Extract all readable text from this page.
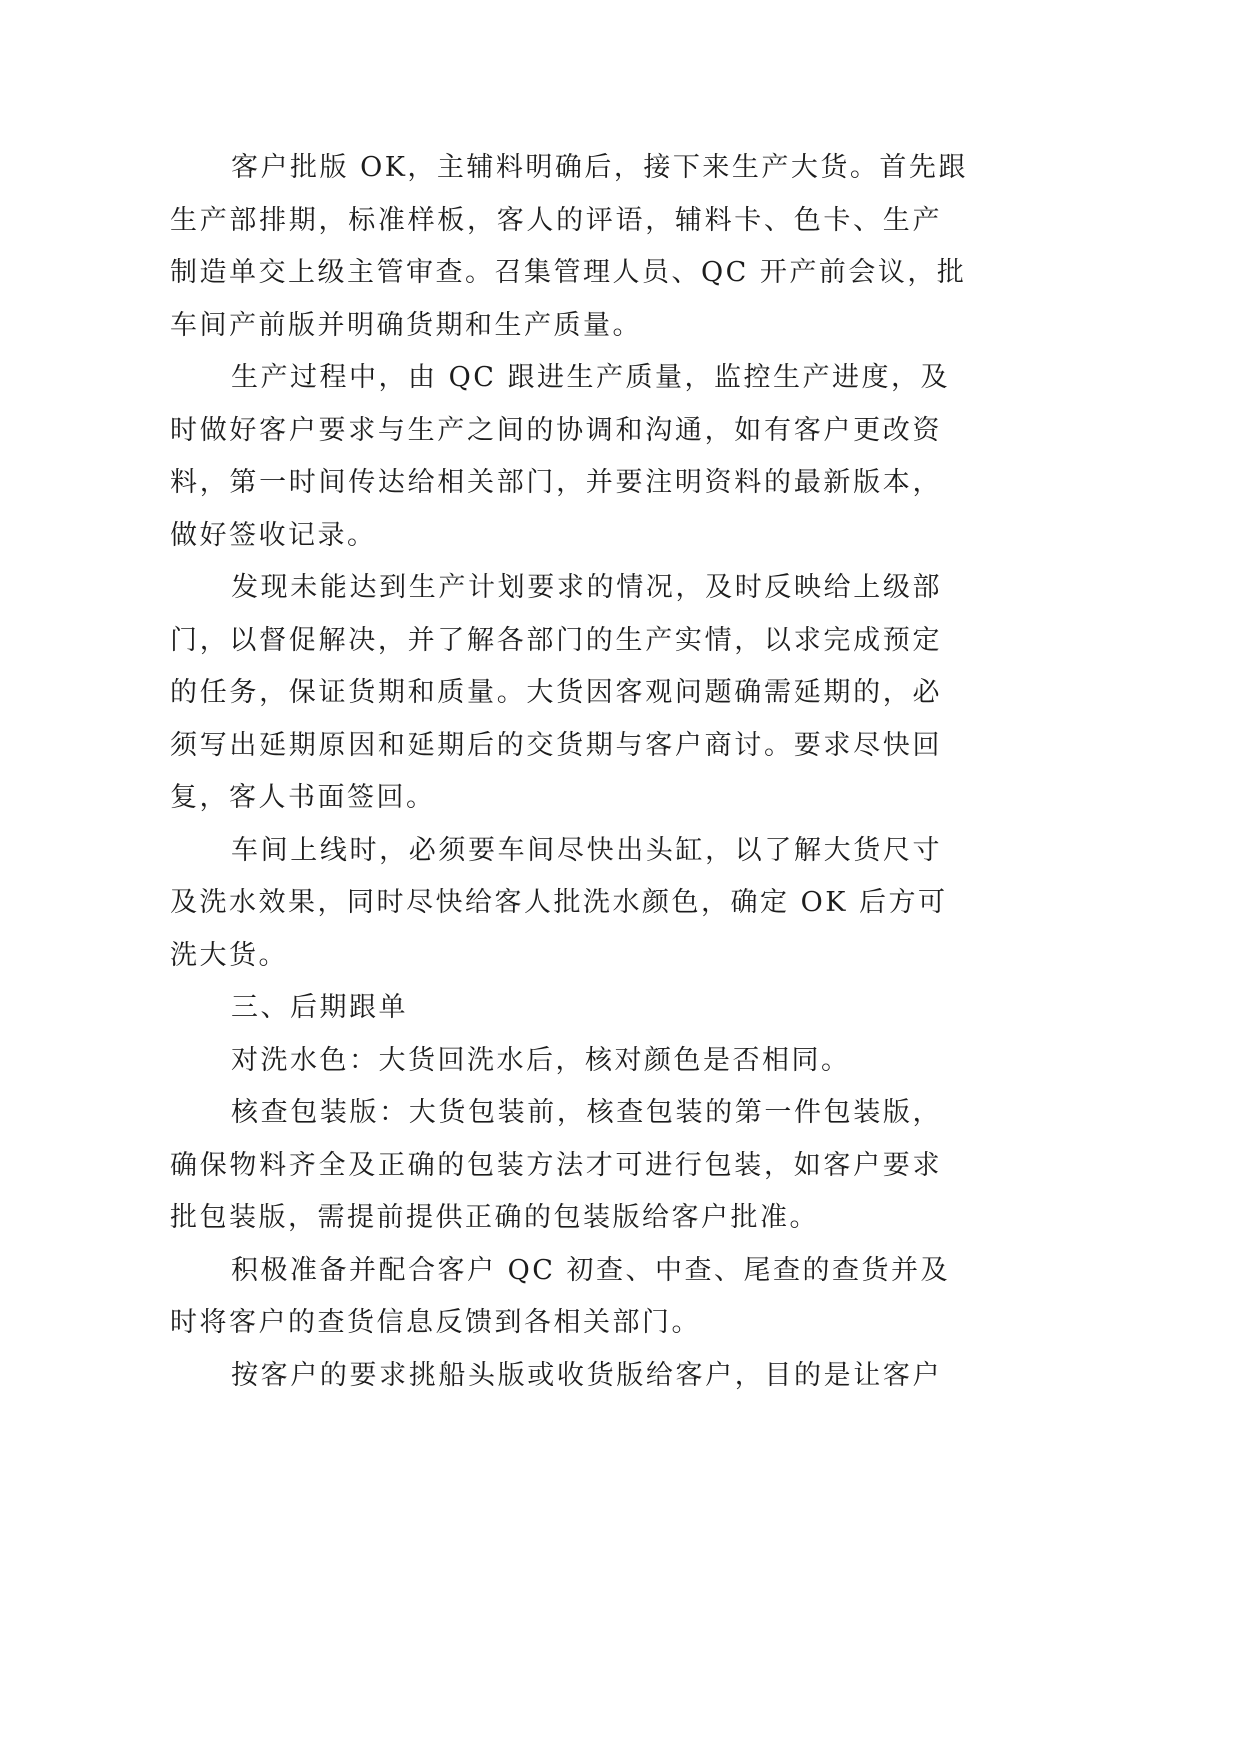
客户批版 OK，主辅料明确后，接下来生产大货。首先跟
生产部排期，标准样板，客人的评语，辅料卡、色卡、生产
制造单交上级主管审查。召集管理人员、QC 开产前会议，批
车间产前版并明确货期和生产质量。
生产过程中，由 QC 跟进生产质量，监控生产进度，及
时做好客户要求与生产之间的协调和沟通，如有客户更改资
料，第一时间传达给相关部门，并要注明资料的最新版本，
做好签收记录。
发现未能达到生产计划要求的情况，及时反映给上级部
门，以督促解决，并了解各部门的生产实情，以求完成预定
的任务，保证货期和质量。大货因客观问题确需延期的，必
须写出延期原因和延期后的交货期与客户商讨。要求尽快回
复，客人书面签回。
车间上线时，必须要车间尽快出头缸，以了解大货尺寸
及洗水效果，同时尽快给客人批洗水颜色，确定 OK 后方可
洗大货。
三、后期跟单
对洗水色：大货回洗水后，核对颜色是否相同。
核查包装版：大货包装前，核查包装的第一件包装版，
确保物料齐全及正确的包装方法才可进行包装，如客户要求
批包装版，需提前提供正确的包装版给客户批准。
积极准备并配合客户 QC 初查、中查、尾查的查货并及
时将客户的查货信息反馈到各相关部门。
按客户的要求挑船头版或收货版给客户，目的是让客户
